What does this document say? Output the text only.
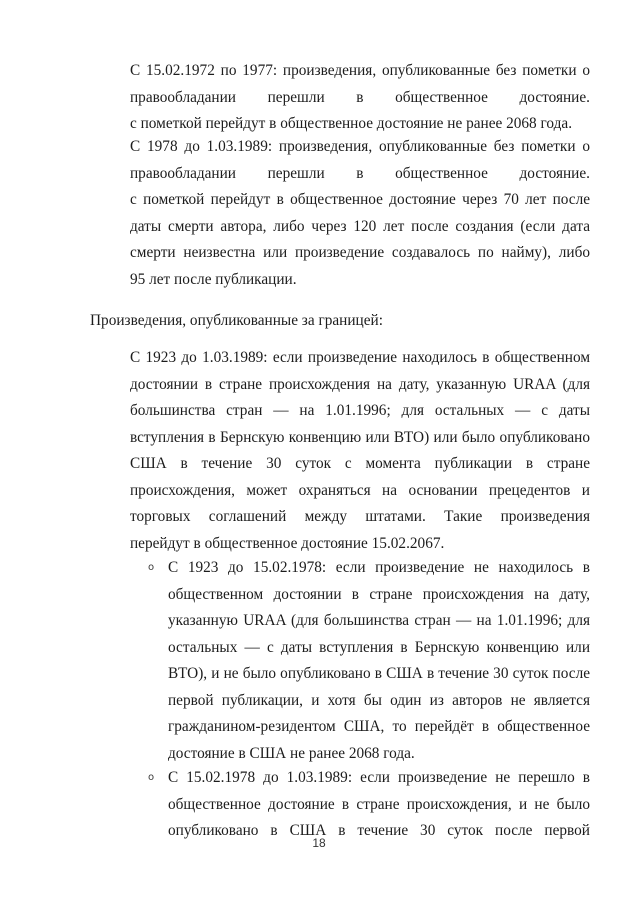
С 15.02.1972 по 1977: произведения, опубликованные без пометки о
правообладании перешли в общественное достояние.
с пометкой перейдут в общественное достояние не ранее 2068 года.
С 1978 до 1.03.1989: произведения, опубликованные без пометки о
правообладании перешли в общественное достояние.
с пометкой перейдут в общественное достояние через 70 лет после
даты смерти автора, либо через 120 лет после создания (если дата
смерти неизвестна или произведение создавалось по найму), либо
95 лет после публикации.
Произведения, опубликованные за границей:
С 1923 до 1.03.1989: если произведение находилось в общественном
достоянии в стране происхождения на дату, указанную URAA (для
большинства стран — на 1.01.1996; для остальных — с даты
вступления в Бернскую конвенцию или ВТО) или было опубликовано
США в течение 30 суток с момента публикации в стране
происхождения, может охраняться на основании прецедентов и
торговых соглашений между штатами. Такие произведения
перейдут в общественное достояние 15.02.2067.
o С 1923 до 15.02.1978: если произведение не находилось в
общественном достоянии в стране происхождения на дату,
указанную URAA (для большинства стран — на 1.01.1996; для
остальных — с даты вступления в Бернскую конвенцию или
ВТО), и не было опубликовано в США в течение 30 суток после
первой публикации, и хотя бы один из авторов не является
гражданином-резидентом США, то перейдёт в общественное
достояние в США не ранее 2068 года.
o С 15.02.1978 до 1.03.1989: если произведение не перешло в
общественное достояние в стране происхождения, и не было
опубликовано в США в течение 30 суток после первой
18
